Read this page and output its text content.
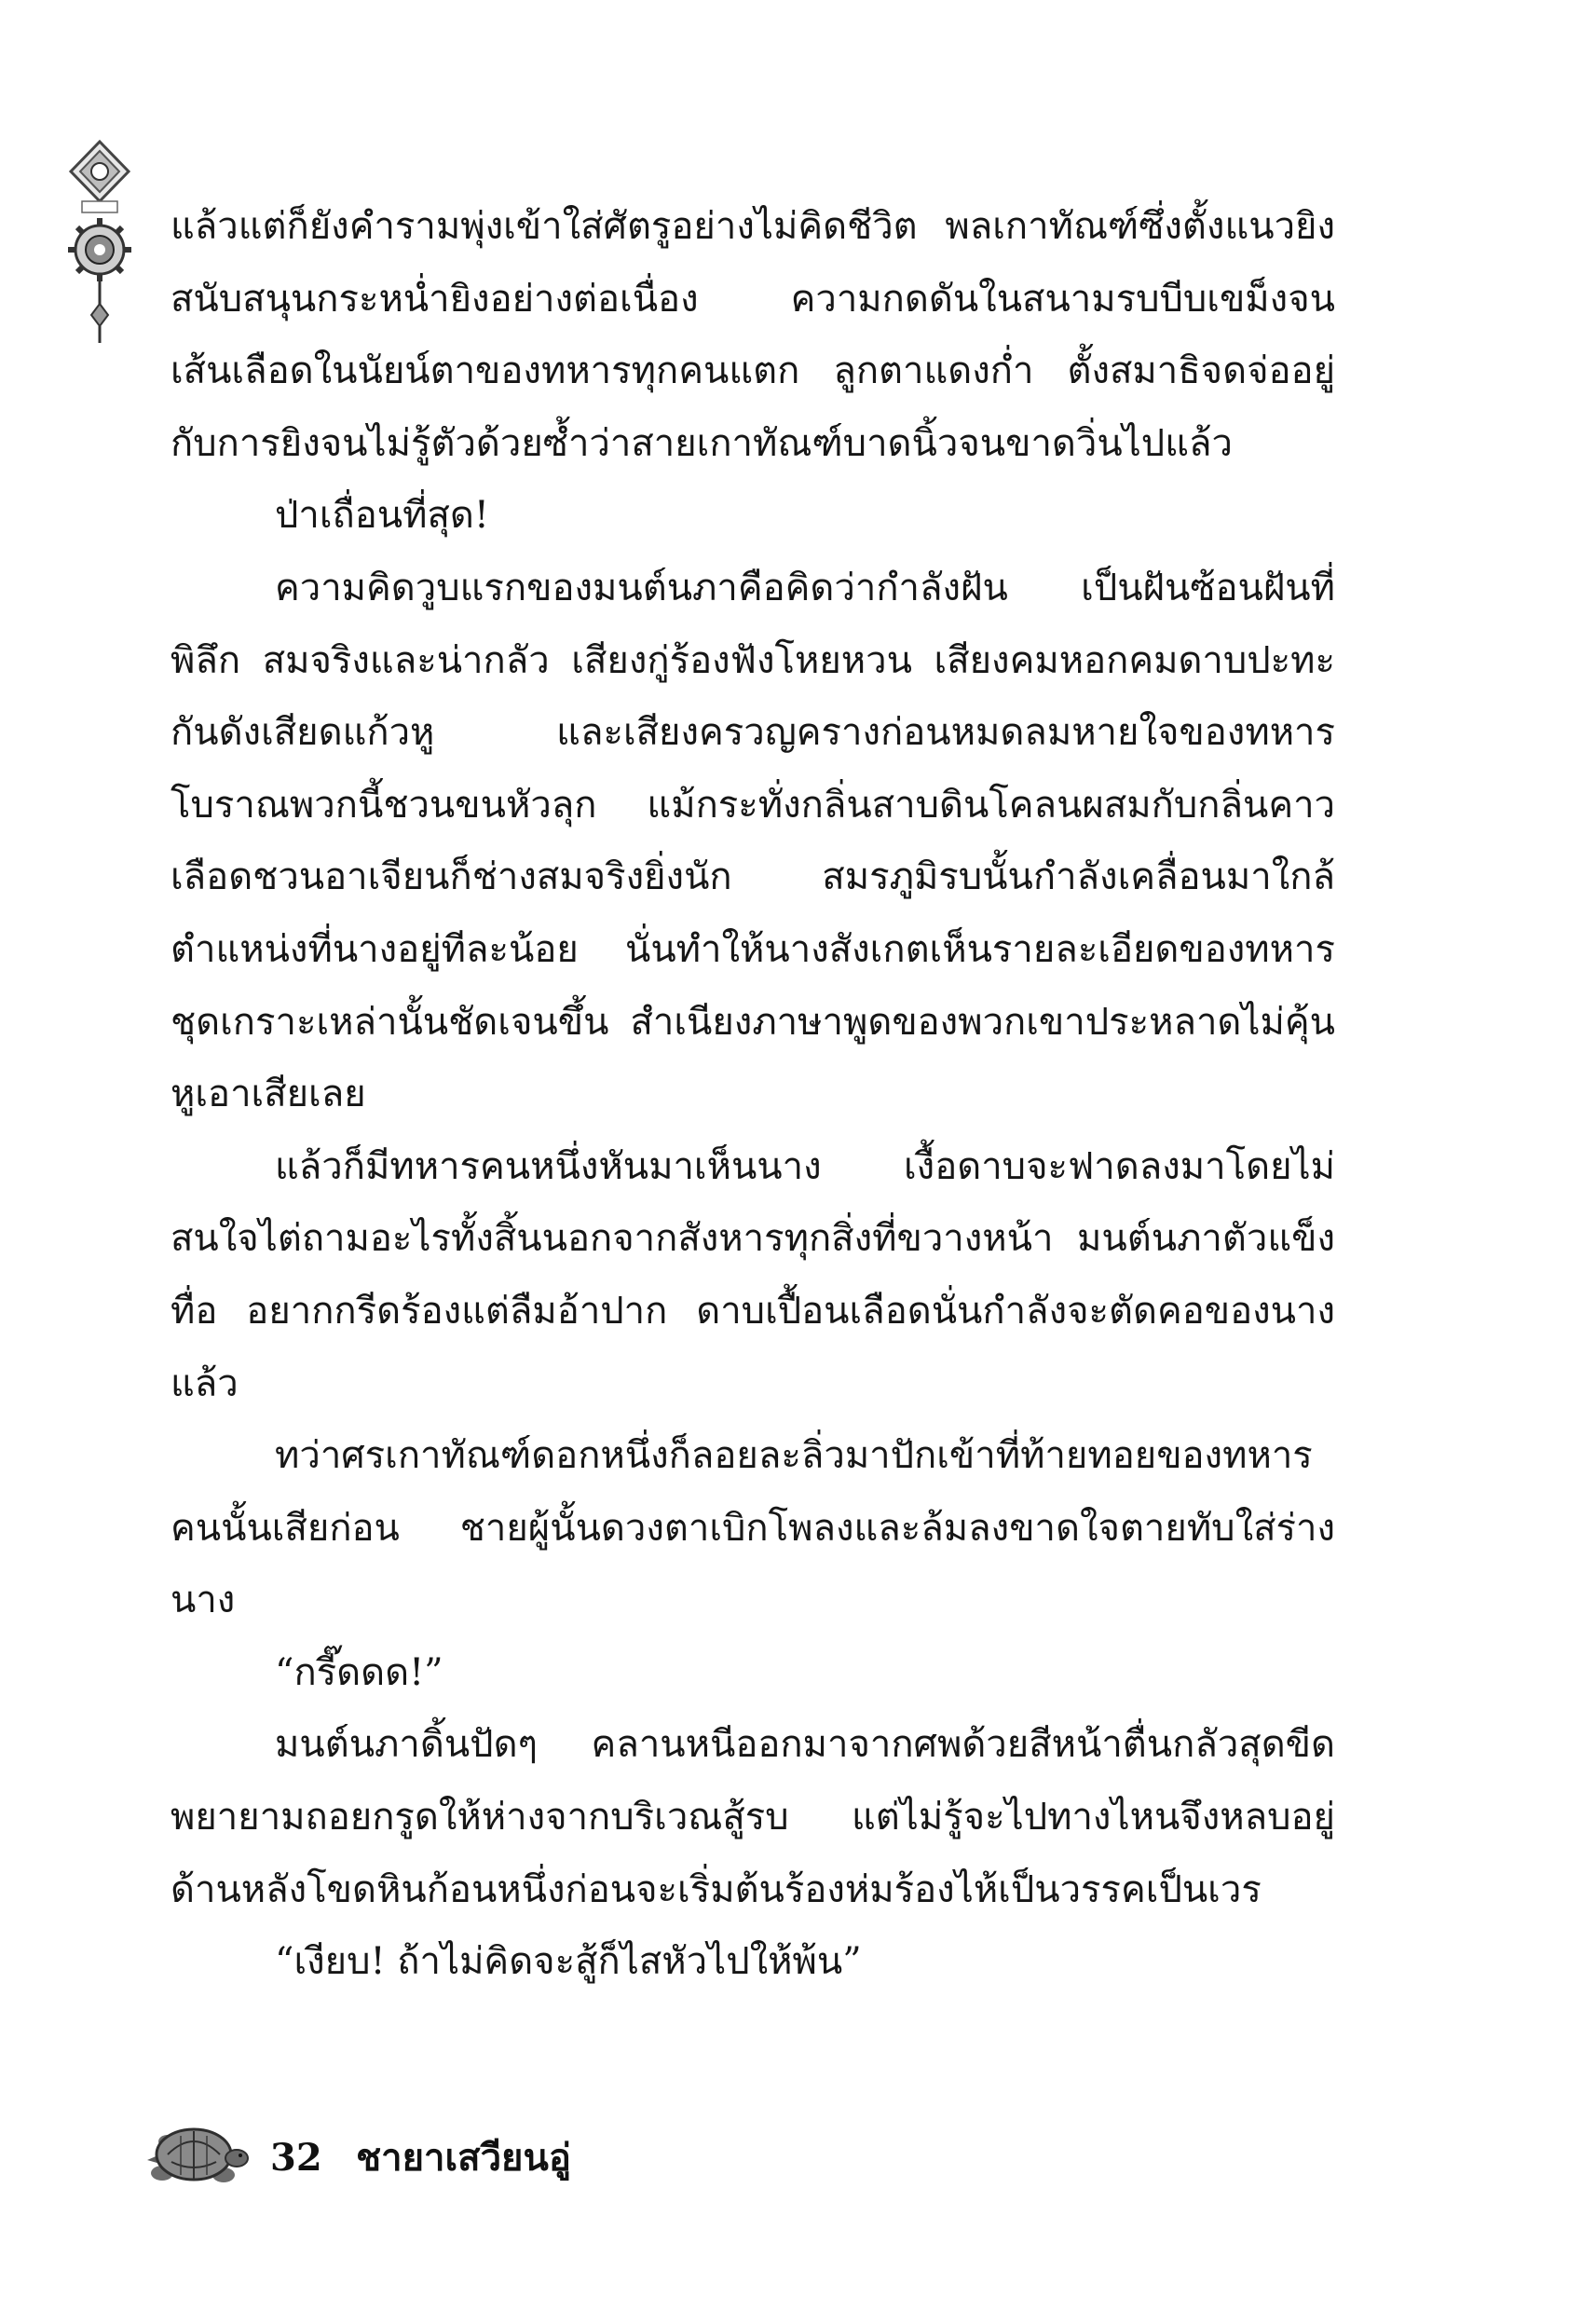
แล้วแต่ก็ยังคำรามพุ่งเข้าใส่ศัตรูอย่างไม่คิดชีวิต พลเกาทัณฑ์ซึ่งตั้งแนวยิงสนับสนุนกระหน่ำยิงอย่างต่อเนื่อง ความกดดันในสนามรบบีบเขม็งจนเส้นเลือดในนัยน์ตาของทหารทุกคนแตก ลูกตาแดงก่ำ ตั้งสมาธิจดจ่ออยู่กับการยิงจนไม่รู้ตัวด้วยซ้ำว่าสายเกาทัณฑ์บาดนิ้วจนขาดวิ่นไปแล้ว

ป่าเถื่อนที่สุด!

ความคิดวูบแรกของมนต์นภาคือคิดว่ากำลังฝัน เป็นฝันซ้อนฝันที่พิลึก สมจริงและน่ากลัว เสียงกู่ร้องฟังโหยหวน เสียงคมหอกคมดาบปะทะกันดังเสียดแก้วหู และเสียงครวญครางก่อนหมดลมหายใจของทหารโบราณพวกนี้ชวนขนหัวลุก แม้กระทั่งกลิ่นสาบดินโคลนผสมกับกลิ่นคาวเลือดชวนอาเจียนก็ช่างสมจริงยิ่งนัก สมรภูมิรบนั้นกำลังเคลื่อนมาใกล้ตำแหน่งที่นางอยู่ทีละน้อย นั่นทำให้นางสังเกตเห็นรายละเอียดของทหารชุดเกราะเหล่านั้นชัดเจนขึ้น สำเนียงภาษาพูดของพวกเขาประหลาดไม่คุ้นหูเอาเสียเลย

แล้วก็มีทหารคนหนึ่งหันมาเห็นนาง เงื้อดาบจะฟาดลงมาโดยไม่สนใจไต่ถามอะไรทั้งสิ้นนอกจากสังหารทุกสิ่งที่ขวางหน้า มนต์นภาตัวแข็งทื่อ อยากกรีดร้องแต่ลืมอ้าปาก ดาบเปื้อนเลือดนั่นกำลังจะตัดคอของนางแล้ว

ทว่าศรเกาทัณฑ์ดอกหนึ่งก็ลอยละลิ่วมาปักเข้าที่ท้ายทอยของทหารคนนั้นเสียก่อน ชายผู้นั้นดวงตาเบิกโพลงและล้มลงขาดใจตายทับใส่ร่างนาง

“กรี๊ดดด!”

มนต์นภาดิ้นปัดๆ คลานหนีออกมาจากศพด้วยสีหน้าตื่นกลัวสุดขีด พยายามถอยกรูดให้ห่างจากบริเวณสู้รบ แต่ไม่รู้จะไปทางไหนจึงหลบอยู่ด้านหลังโขดหินก้อนหนึ่งก่อนจะเริ่มต้นร้องห่มร้องไห้เป็นวรรคเป็นเวร

“เงียบ! ถ้าไม่คิดจะสู้ก็ไสหัวไปให้พ้น”

32 ชายาเสวียนอู่
